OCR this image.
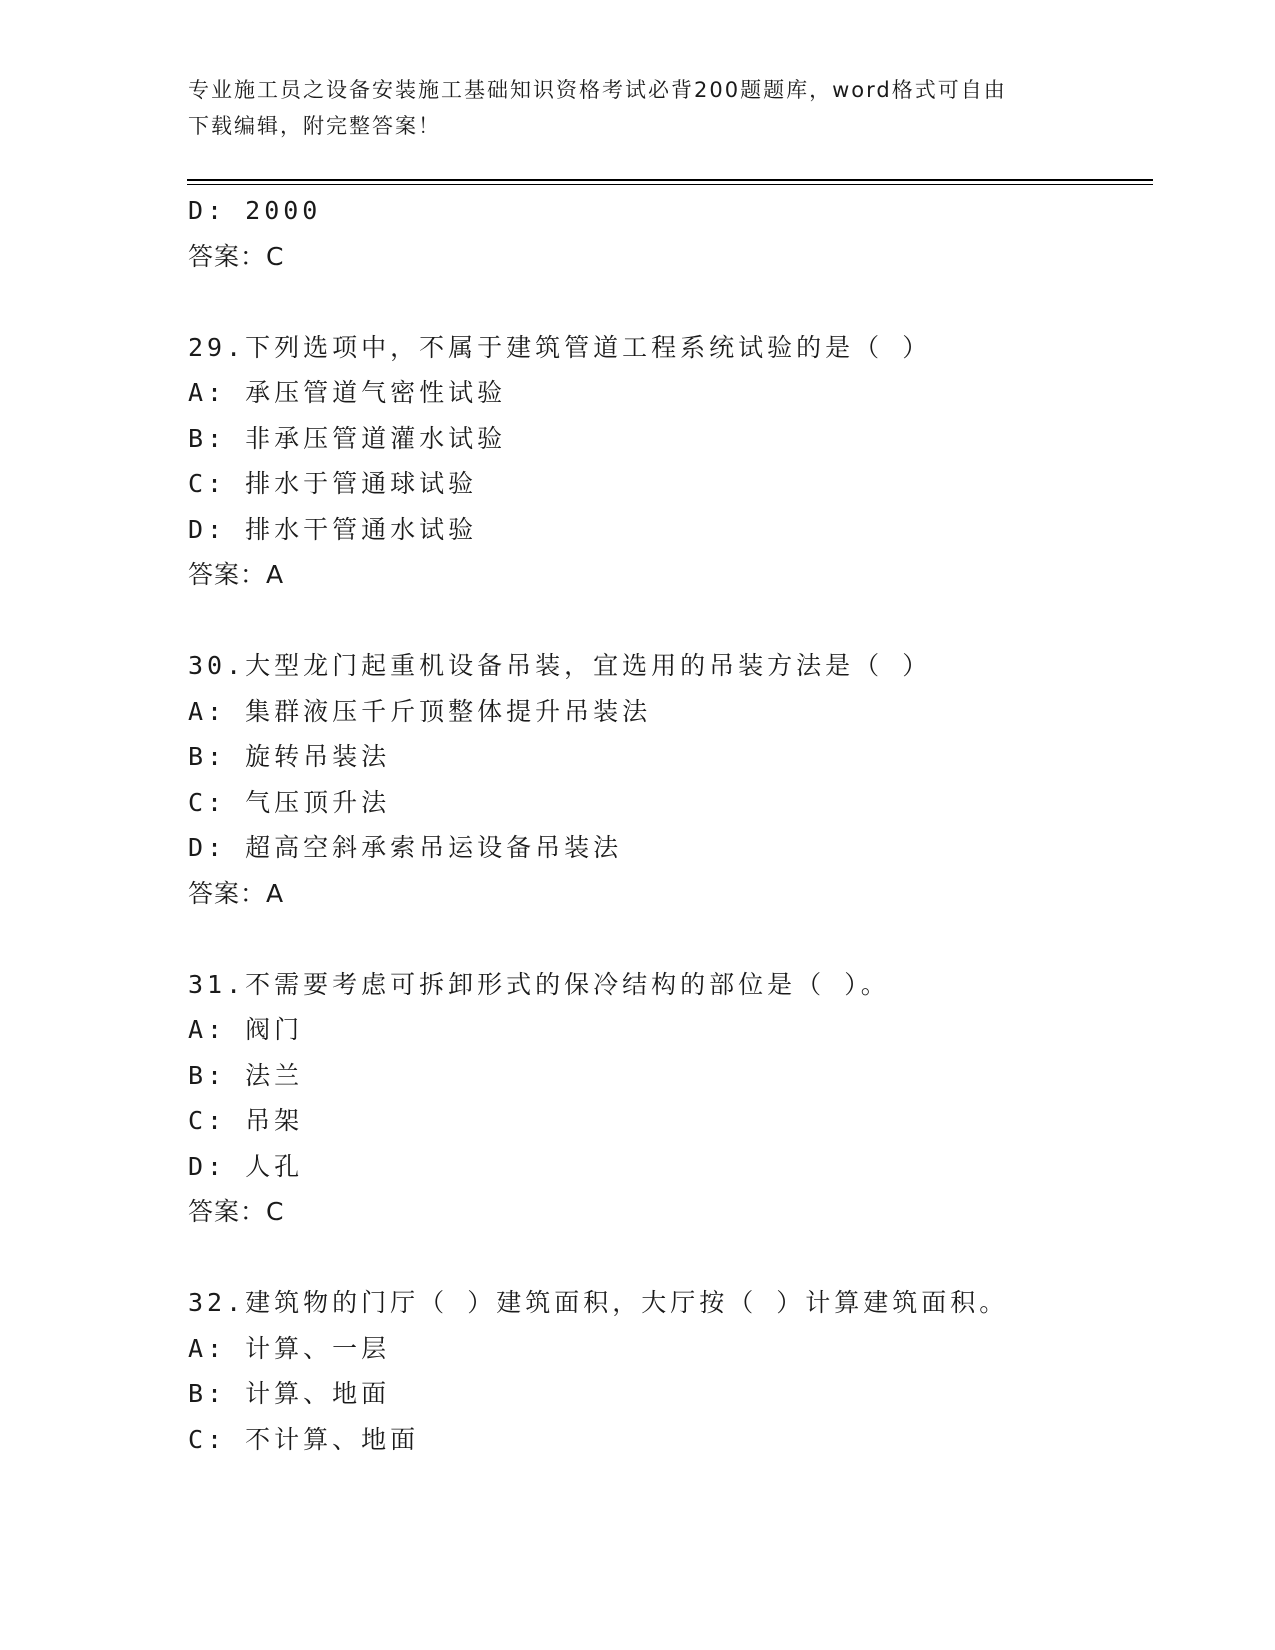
专业施工员之设备安装施工基础知识资格考试必背200题题库，word格式可自由
下载编辑，附完整答案！
D: 2000
答案：C
29.下列选项中，不属于建筑管道工程系统试验的是（ ）
A: 承压管道气密性试验
B: 非承压管道灌水试验
C: 排水于管通球试验
D: 排水干管通水试验
答案：A
30.大型龙门起重机设备吊装，宜选用的吊装方法是（ ）
A: 集群液压千斤顶整体提升吊装法
B: 旋转吊装法
C: 气压顶升法
D: 超高空斜承索吊运设备吊装法
答案：A
31.不需要考虑可拆卸形式的保冷结构的部位是（ ）。
A: 阀门
B: 法兰
C: 吊架
D: 人孔
答案：C
32.建筑物的门厅（ ）建筑面积，大厅按（ ）计算建筑面积。
A: 计算、一层
B: 计算、地面
C: 不计算、地面
